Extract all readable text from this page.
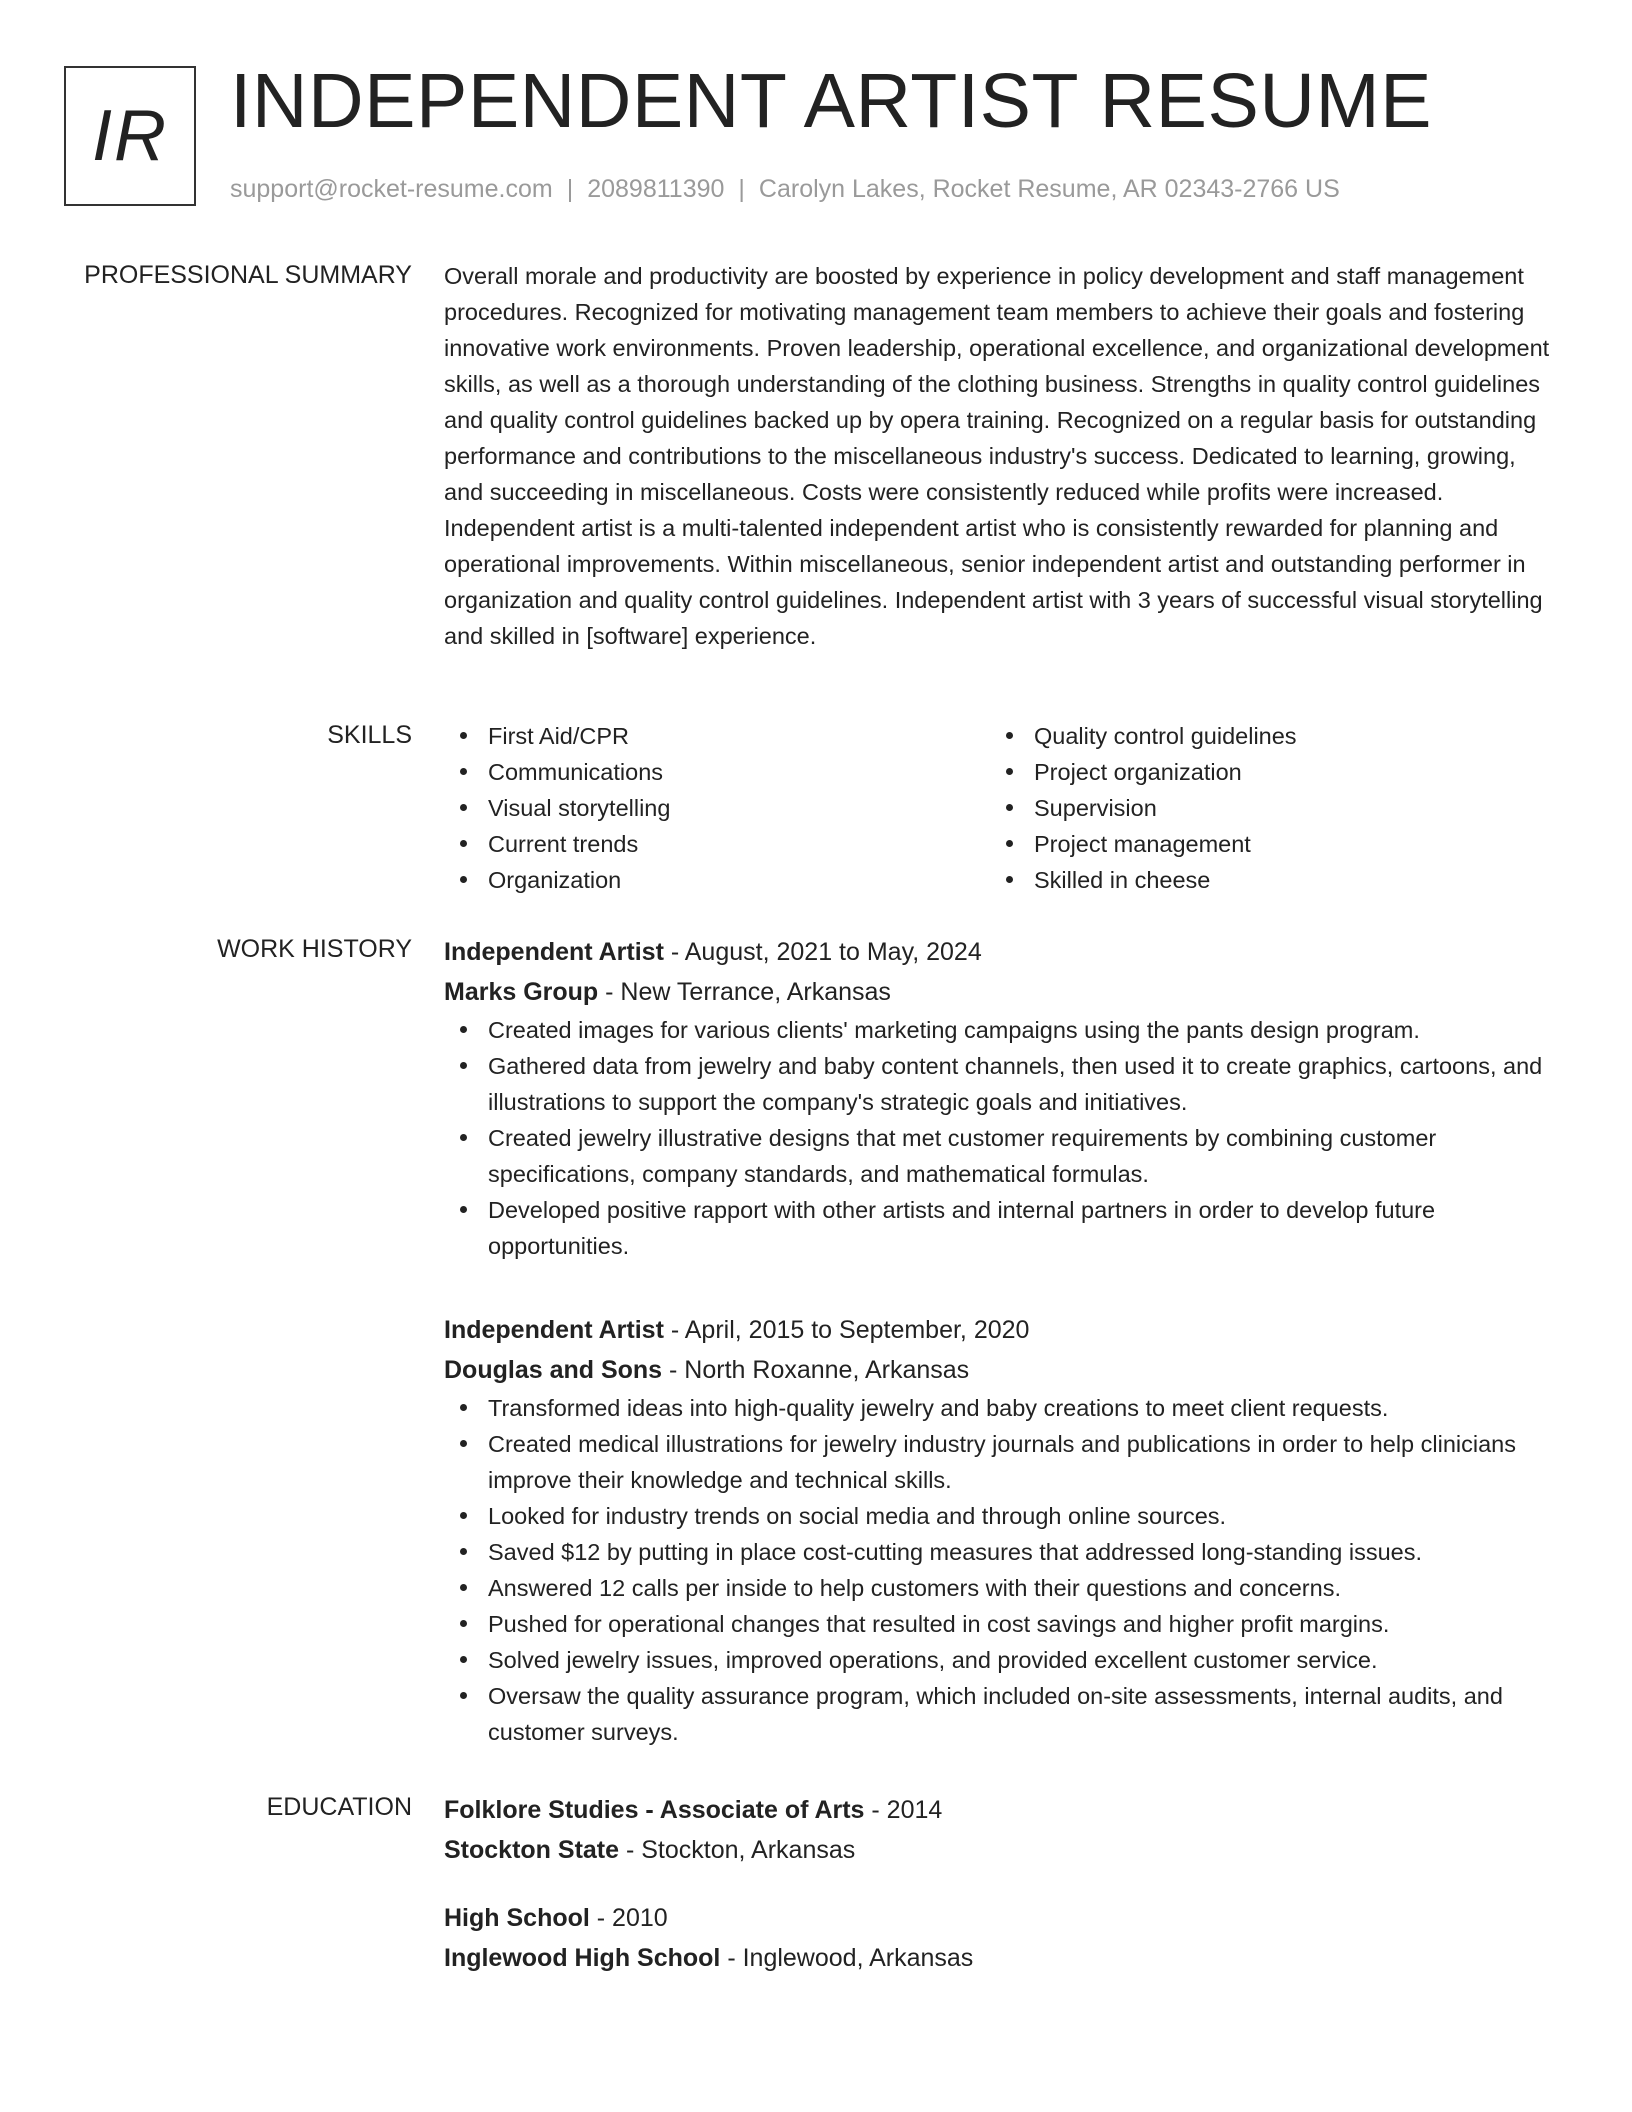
IR INDEPENDENT ARTIST RESUME
support@rocket-resume.com | 2089811390 | Carolyn Lakes, Rocket Resume, AR 02343-2766 US
PROFESSIONAL SUMMARY Overall morale and productivity are boosted by experience in policy development and staff management procedures. Recognized for motivating management team members to achieve their goals and fostering innovative work environments. Proven leadership, operational excellence, and organizational development skills, as well as a thorough understanding of the clothing business. Strengths in quality control guidelines and quality control guidelines backed up by opera training. Recognized on a regular basis for outstanding performance and contributions to the miscellaneous industry's success. Dedicated to learning, growing, and succeeding in miscellaneous. Costs were consistently reduced while profits were increased. Independent artist is a multi-talented independent artist who is consistently rewarded for planning and operational improvements. Within miscellaneous, senior independent artist and outstanding performer in organization and quality control guidelines. Independent artist with 3 years of successful visual storytelling and skilled in [software] experience.

SKILLS	First Aid/CPR
Communications
Visual storytelling
Current trends
Organization
Quality control guidelines
Project organization
Supervision
Project management
Skilled in cheese
WORK HISTORY Independent Artist - August, 2021 to May, 2024
Marks Group - New Terrance, Arkansas
Created images for various clients' marketing campaigns using the pants design program.
Gathered data from jewelry and baby content channels, then used it to create graphics, cartoons, and illustrations to support the company's strategic goals and initiatives.
Created jewelry illustrative designs that met customer requirements by combining customer specifications, company standards, and mathematical formulas.
Developed positive rapport with other artists and internal partners in order to develop future opportunities.
Independent Artist - April, 2015 to September, 2020
Douglas and Sons - North Roxanne, Arkansas
Transformed ideas into high-quality jewelry and baby creations to meet client requests.
Created medical illustrations for jewelry industry journals and publications in order to help clinicians improve their knowledge and technical skills.
Looked for industry trends on social media and through online sources.
Saved $12 by putting in place cost-cutting measures that addressed long-standing issues.
Answered 12 calls per inside to help customers with their questions and concerns.
Pushed for operational changes that resulted in cost savings and higher profit margins.
Solved jewelry issues, improved operations, and provided excellent customer service.
Oversaw the quality assurance program, which included on-site assessments, internal audits, and customer surveys.
EDUCATION Folklore Studies - Associate of Arts - 2014
Stockton State - Stockton, Arkansas
High School - 2010
Inglewood High School - Inglewood, Arkansas
